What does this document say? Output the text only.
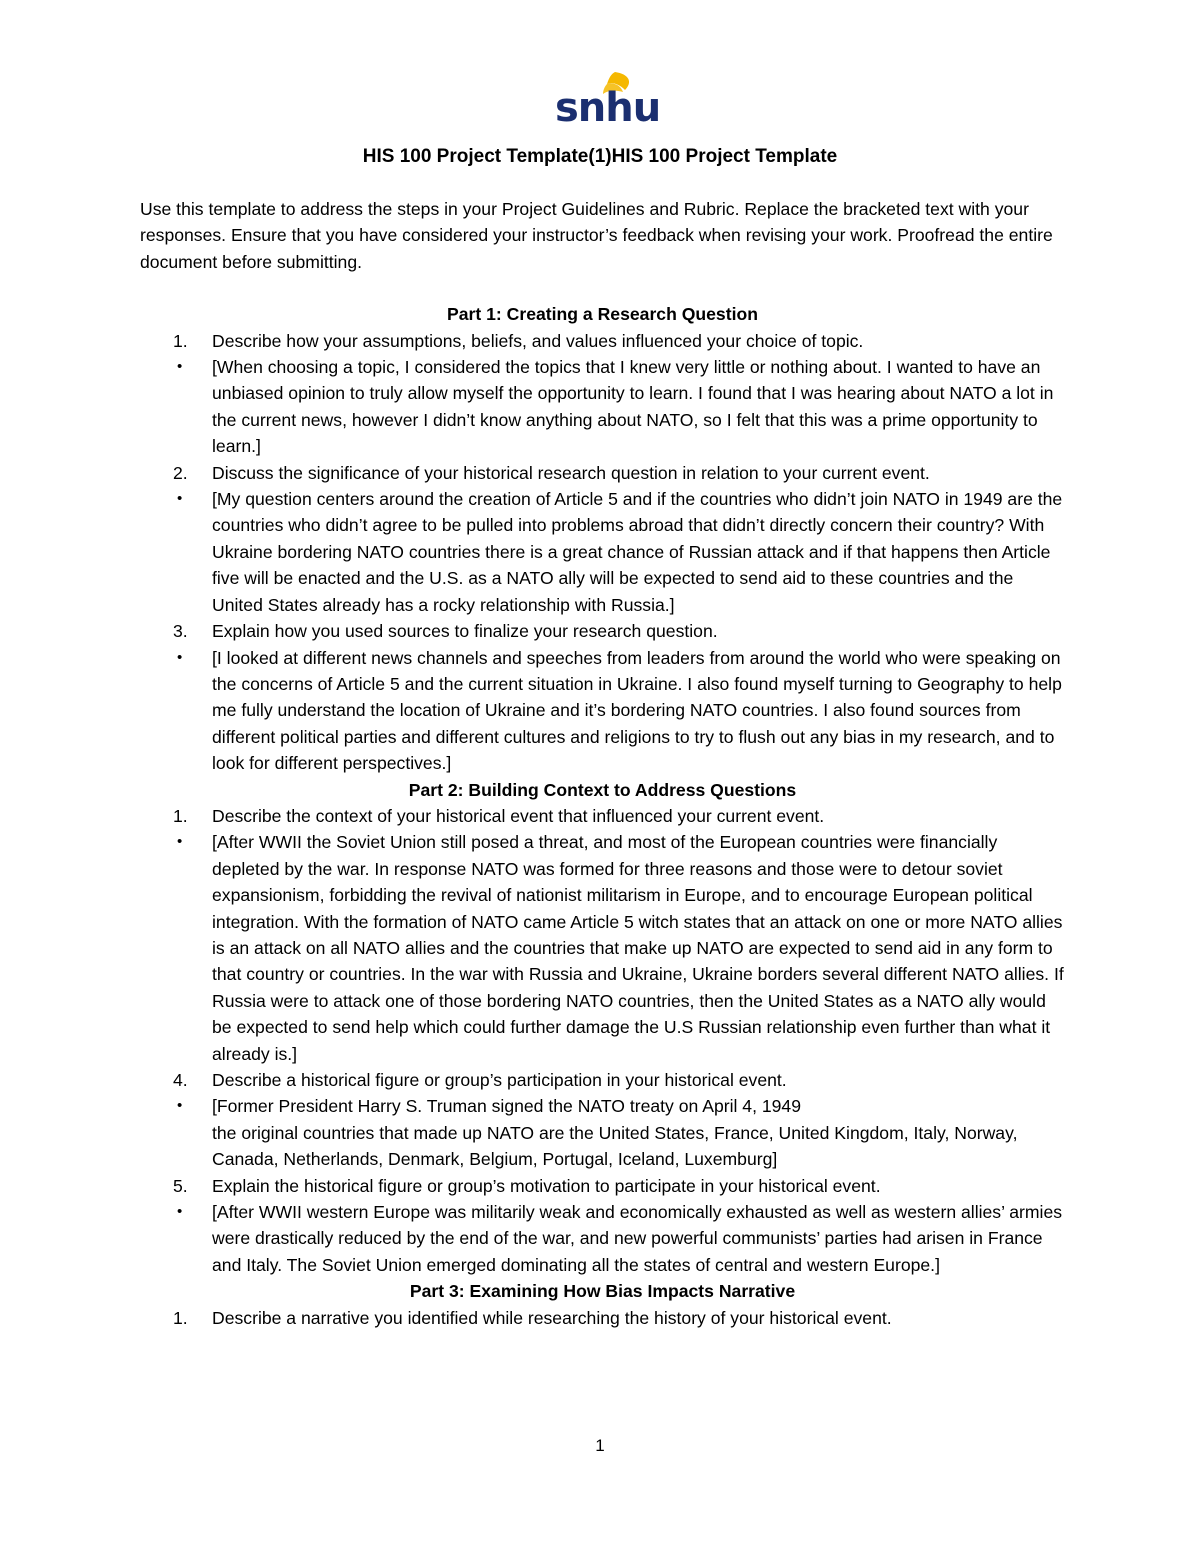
snhu
HIS 100 Project Template(1)HIS 100 Project Template

Use this template to address the steps in your Project Guidelines and Rubric. Replace the bracketed text with your responses. Ensure that you have considered your instructor’s feedback when revising your work. Proofread the entire document before submitting.

Part 1: Creating a Research Question

1. Describe how your assumptions, beliefs, and values influenced your choice of topic.
• [When choosing a topic, I considered the topics that I knew very little or nothing about. I wanted to have an unbiased opinion to truly allow myself the opportunity to learn. I found that I was hearing about NATO a lot in the current news, however I didn’t know anything about NATO, so I felt that this was a prime opportunity to learn.]
2. Discuss the significance of your historical research question in relation to your current event.
• [My question centers around the creation of Article 5 and if the countries who didn’t join NATO in 1949 are the countries who didn’t agree to be pulled into problems abroad that didn’t directly concern their country? With Ukraine bordering NATO countries there is a great chance of Russian attack and if that happens then Article five will be enacted and the U.S. as a NATO ally will be expected to send aid to these countries and the United States already has a rocky relationship with Russia.]
3. Explain how you used sources to finalize your research question.
• [I looked at different news channels and speeches from leaders from around the world who were speaking on the concerns of Article 5 and the current situation in Ukraine. I also found myself turning to Geography to help me fully understand the location of Ukraine and it’s bordering NATO countries. I also found sources from different political parties and different cultures and religions to try to flush out any bias in my research, and to look for different perspectives.]

Part 2: Building Context to Address Questions

1. Describe the context of your historical event that influenced your current event.
• [After WWII the Soviet Union still posed a threat, and most of the European countries were financially depleted by the war. In response NATO was formed for three reasons and those were to detour soviet expansionism, forbidding the revival of nationist militarism in Europe, and to encourage European political integration. With the formation of NATO came Article 5 witch states that an attack on one or more NATO allies is an attack on all NATO allies and the countries that make up NATO are expected to send aid in any form to that country or countries. In the war with Russia and Ukraine, Ukraine borders several different NATO allies. If Russia were to attack one of those bordering NATO countries, then the United States as a NATO ally would be expected to send help which could further damage the U.S Russian relationship even further than what it already is.]
4. Describe a historical figure or group’s participation in your historical event.
• [Former President Harry S. Truman signed the NATO treaty on April 4, 1949
the original countries that made up NATO are the United States, France, United Kingdom, Italy, Norway, Canada, Netherlands, Denmark, Belgium, Portugal, Iceland, Luxemburg]
5. Explain the historical figure or group’s motivation to participate in your historical event.
• [After WWII western Europe was militarily weak and economically exhausted as well as western allies’ armies were drastically reduced by the end of the war, and new powerful communists’ parties had arisen in France and Italy. The Soviet Union emerged dominating all the states of central and western Europe.]

Part 3: Examining How Bias Impacts Narrative

1. Describe a narrative you identified while researching the history of your historical event.
1
